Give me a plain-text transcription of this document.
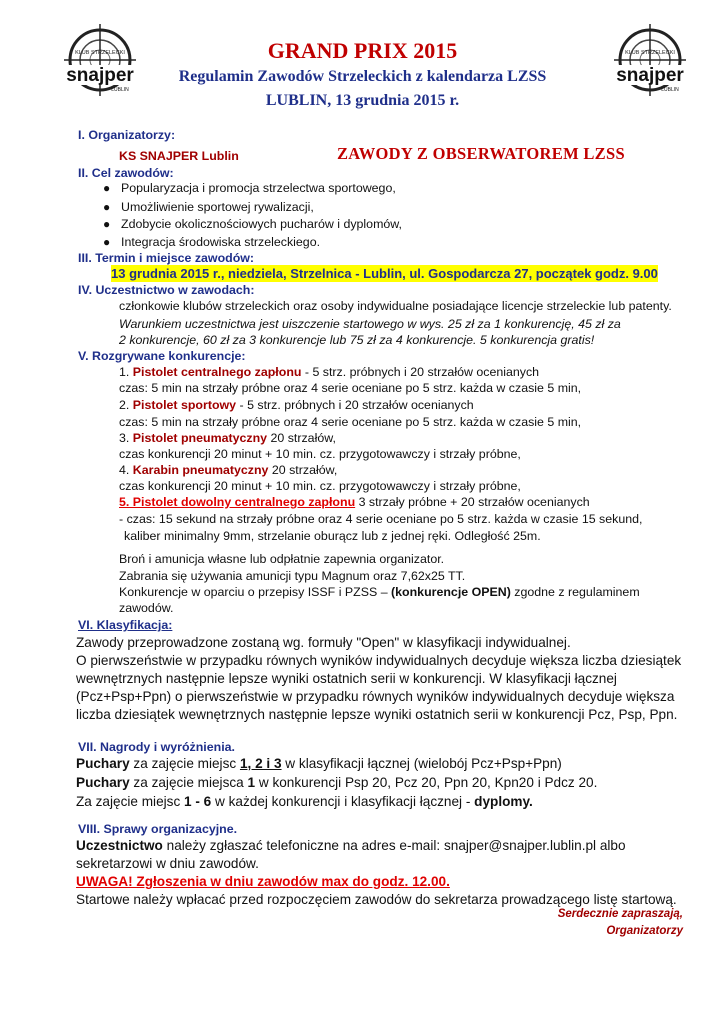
KLUB STRZELECKI
snajper
LUBLIN
KLUB STRZELECKI
snajper
LUBLIN
GRAND PRIX 2015
Regulamin Zawodów Strzeleckich z kalendarza LZSS
LUBLIN, 13 grudnia 2015 r.
I. Organizatorzy:
KS SNAJPER Lublin	ZAWODY Z OBSERWATOREM LZSS
II. Cel zawodów:
● Popularyzacja i promocja strzelectwa sportowego,
● Umożliwienie sportowej rywalizacji,
● Zdobycie okolicznościowych pucharów i dyplomów,
● Integracja środowiska strzeleckiego.
III. Termin i miejsce zawodów:
13 grudnia 2015 r., niedziela, Strzelnica - Lublin, ul. Gospodarcza 27, początek godz. 9.00
IV. Uczestnictwo w zawodach:
członkowie klubów strzeleckich oraz osoby indywidualne posiadające licencje strzeleckie lub patenty.
Warunkiem uczestnictwa jest uiszczenie startowego w wys. 25 zł za 1 konkurencję, 45 zł za
2 konkurencje, 60 zł za 3 konkurencje lub 75 zł za 4 konkurencje. 5 konkurencja gratis!
V. Rozgrywane konkurencje:
1. Pistolet centralnego zapłonu - 5 strz. próbnych i 20 strzałów ocenianych
czas: 5 min na strzały próbne oraz 4 serie oceniane po 5 strz. każda w czasie 5 min,
2. Pistolet sportowy - 5 strz. próbnych i 20 strzałów ocenianych
czas: 5 min na strzały próbne oraz 4 serie oceniane po 5 strz. każda w czasie 5 min,
3. Pistolet pneumatyczny 20 strzałów,
czas konkurencji 20 minut + 10 min. cz. przygotowawczy i strzały próbne,
4. Karabin pneumatyczny 20 strzałów,
czas konkurencji 20 minut + 10 min. cz. przygotowawczy i strzały próbne,
5. Pistolet dowolny centralnego zapłonu 3 strzały próbne + 20 strzałów ocenianych
- czas: 15 sekund na strzały próbne oraz 4 serie oceniane po 5 strz. każda w czasie 15 sekund,
kaliber minimalny 9mm, strzelanie oburącz lub z jednej ręki. Odległość 25m.
Broń i amunicja własne lub odpłatnie zapewnia organizator.
Zabrania się używania amunicji typu Magnum oraz 7,62x25 TT.
Konkurencje w oparciu o przepisy ISSF i PZSS – (konkurencje OPEN) zgodne z regulaminem
zawodów.
VI. Klasyfikacja:
Zawody przeprowadzone zostaną wg. formuły "Open" w klasyfikacji indywidualnej.
O pierwszeństwie w przypadku równych wyników indywidualnych decyduje większa liczba dziesiątek
wewnętrznych następnie lepsze wyniki ostatnich serii w konkurencji. W klasyfikacji łącznej
(Pcz+Psp+Ppn) o pierwszeństwie w przypadku równych wyników indywidualnych decyduje większa
liczba dziesiątek wewnętrznych następnie lepsze wyniki ostatnich serii w konkurencji Pcz, Psp, Ppn.
VII. Nagrody i wyróżnienia.
Puchary za zajęcie miejsc 1, 2 i 3 w klasyfikacji łącznej (wielobój Pcz+Psp+Ppn)
Puchary za zajęcie miejsca 1 w konkurencji Psp 20, Pcz 20, Ppn 20, Kpn20 i Pdcz 20.
Za zajęcie miejsc 1 - 6 w każdej konkurencji i klasyfikacji łącznej - dyplomy.
VIII. Sprawy organizacyjne.
Uczestnictwo należy zgłaszać telefoniczne na adres e-mail: snajper@snajper.lublin.pl albo
sekretarzowi w dniu zawodów.
UWAGA! Zgłoszenia w dniu zawodów max do godz. 12.00.
Startowe należy wpłacać przed rozpoczęciem zawodów do sekretarza prowadzącego listę startową.
Serdecznie zapraszają,
Organizatorzy
